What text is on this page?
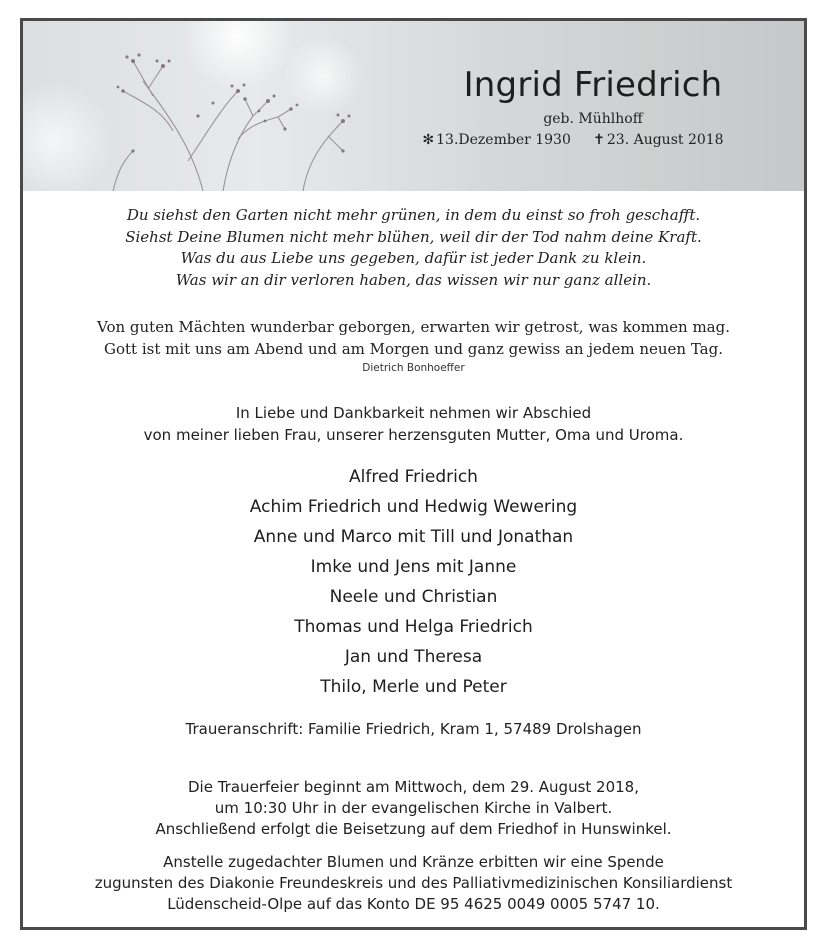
Ingrid Friedrich
geb. Mühlhoff
✻ 13.Dezember 1930 ✝ 23. August 2018
Du siehst den Garten nicht mehr grünen, in dem du einst so froh geschafft.
Siehst Deine Blumen nicht mehr blühen, weil dir der Tod nahm deine Kraft.
Was du aus Liebe uns gegeben, dafür ist jeder Dank zu klein.
Was wir an dir verloren haben, das wissen wir nur ganz allein.
Von guten Mächten wunderbar geborgen, erwarten wir getrost, was kommen mag.
Gott ist mit uns am Abend und am Morgen und ganz gewiss an jedem neuen Tag.
Dietrich Bonhoeffer
In Liebe und Dankbarkeit nehmen wir Abschied
von meiner lieben Frau, unserer herzensguten Mutter, Oma und Uroma.
Alfred Friedrich
Achim Friedrich und Hedwig Wewering
Anne und Marco mit Till und Jonathan
Imke und Jens mit Janne
Neele und Christian
Thomas und Helga Friedrich
Jan und Theresa
Thilo, Merle und Peter
Traueranschrift: Familie Friedrich, Kram 1, 57489 Drolshagen
Die Trauerfeier beginnt am Mittwoch, dem 29. August 2018,
um 10:30 Uhr in der evangelischen Kirche in Valbert.
Anschließend erfolgt die Beisetzung auf dem Friedhof in Hunswinkel.
Anstelle zugedachter Blumen und Kränze erbitten wir eine Spende
zugunsten des Diakonie Freundeskreis und des Palliativmedizinischen Konsiliardienst
Lüdenscheid-Olpe auf das Konto DE 95 4625 0049 0005 5747 10.
